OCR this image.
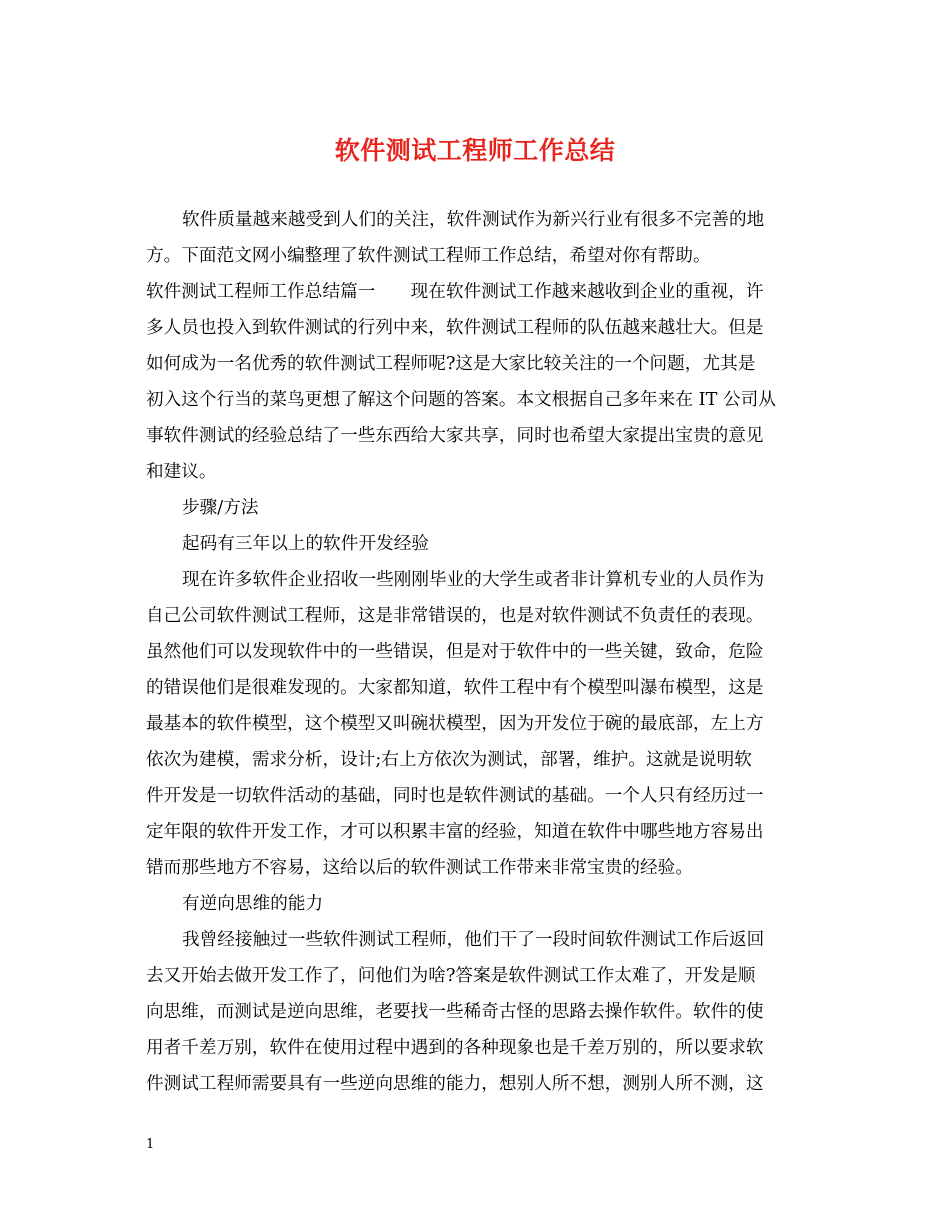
软件测试工程师工作总结

软件质量越来越受到人们的关注，软件测试作为新兴行业有很多不完善的地

方。下面范文网小编整理了软件测试工程师工作总结，希望对你有帮助。

软件测试工程师工作总结篇一　　现在软件测试工作越来越收到企业的重视，许

多人员也投入到软件测试的行列中来，软件测试工程师的队伍越来越壮大。但是

如何成为一名优秀的软件测试工程师呢?这是大家比较关注的一个问题，尤其是

初入这个行当的菜鸟更想了解这个问题的答案。本文根据自己多年来在 IT 公司从

事软件测试的经验总结了一些东西给大家共享，同时也希望大家提出宝贵的意见

和建议。

步骤/方法

起码有三年以上的软件开发经验

现在许多软件企业招收一些刚刚毕业的大学生或者非计算机专业的人员作为

自己公司软件测试工程师，这是非常错误的，也是对软件测试不负责任的表现。

虽然他们可以发现软件中的一些错误，但是对于软件中的一些关键，致命，危险

的错误他们是很难发现的。大家都知道，软件工程中有个模型叫瀑布模型，这是

最基本的软件模型，这个模型又叫碗状模型，因为开发位于碗的最底部，左上方

依次为建模，需求分析，设计;右上方依次为测试，部署，维护。这就是说明软

件开发是一切软件活动的基础，同时也是软件测试的基础。一个人只有经历过一

定年限的软件开发工作，才可以积累丰富的经验，知道在软件中哪些地方容易出

错而那些地方不容易，这给以后的软件测试工作带来非常宝贵的经验。

有逆向思维的能力

我曾经接触过一些软件测试工程师，他们干了一段时间软件测试工作后返回

去又开始去做开发工作了，问他们为啥?答案是软件测试工作太难了，开发是顺

向思维，而测试是逆向思维，老要找一些稀奇古怪的思路去操作软件。软件的使

用者千差万别，软件在使用过程中遇到的各种现象也是千差万别的，所以要求软

件测试工程师需要具有一些逆向思维的能力，想别人所不想，测别人所不测，这

1
